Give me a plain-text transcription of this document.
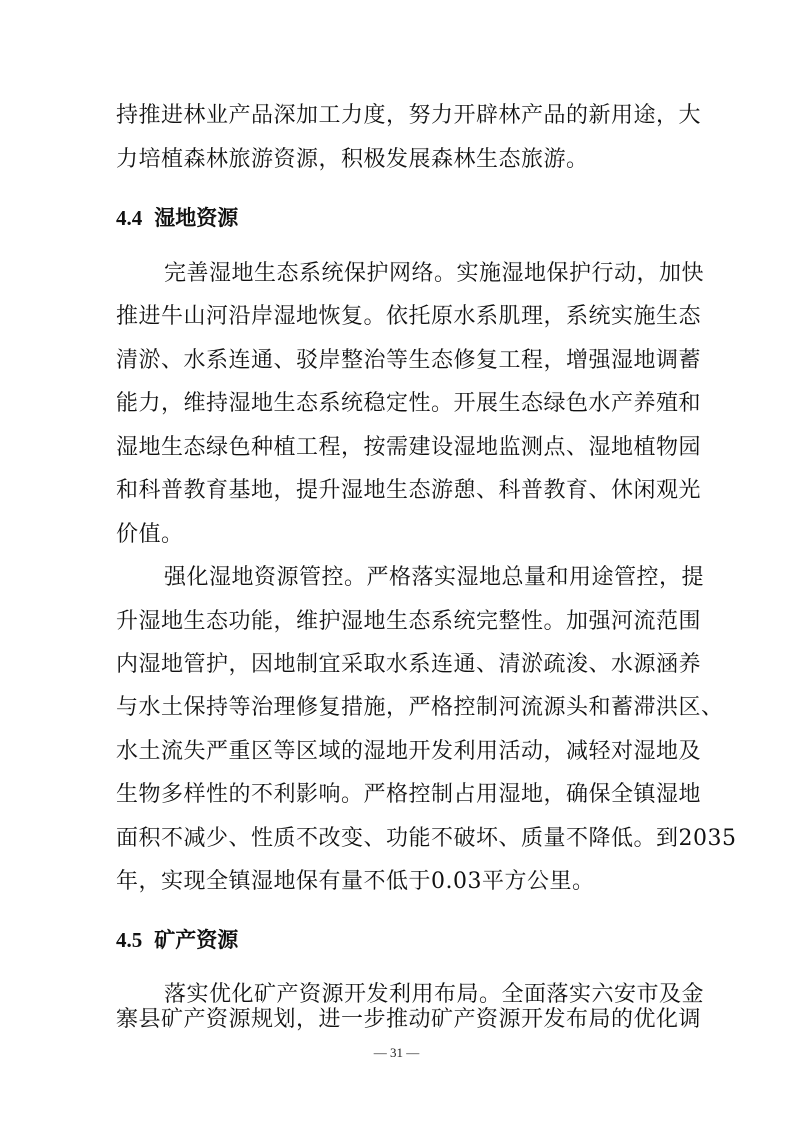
持推进林业产品深加工力度，努力开辟林产品的新用途，大
力培植森林旅游资源，积极发展森林生态旅游。
4.4 湿地资源
完善湿地生态系统保护网络。实施湿地保护行动，加快
推进牛山河沿岸湿地恢复。依托原水系肌理，系统实施生态
清淤、水系连通、驳岸整治等生态修复工程，增强湿地调蓄
能力，维持湿地生态系统稳定性。开展生态绿色水产养殖和
湿地生态绿色种植工程，按需建设湿地监测点、湿地植物园
和科普教育基地，提升湿地生态游憩、科普教育、休闲观光
价值。
强化湿地资源管控。严格落实湿地总量和用途管控，提
升湿地生态功能，维护湿地生态系统完整性。加强河流范围
内湿地管护，因地制宜采取水系连通、清淤疏浚、水源涵养
与水土保持等治理修复措施，严格控制河流源头和蓄滞洪区、
水土流失严重区等区域的湿地开发利用活动，减轻对湿地及
生物多样性的不利影响。严格控制占用湿地，确保全镇湿地
面积不减少、性质不改变、功能不破坏、质量不降低。到2035
年，实现全镇湿地保有量不低于0.03平方公里。
4.5 矿产资源
落实优化矿产资源开发利用布局。全面落实六安市及金
— 31 —
寨县矿产资源规划，进一步推动矿产资源开发布局的优化调
